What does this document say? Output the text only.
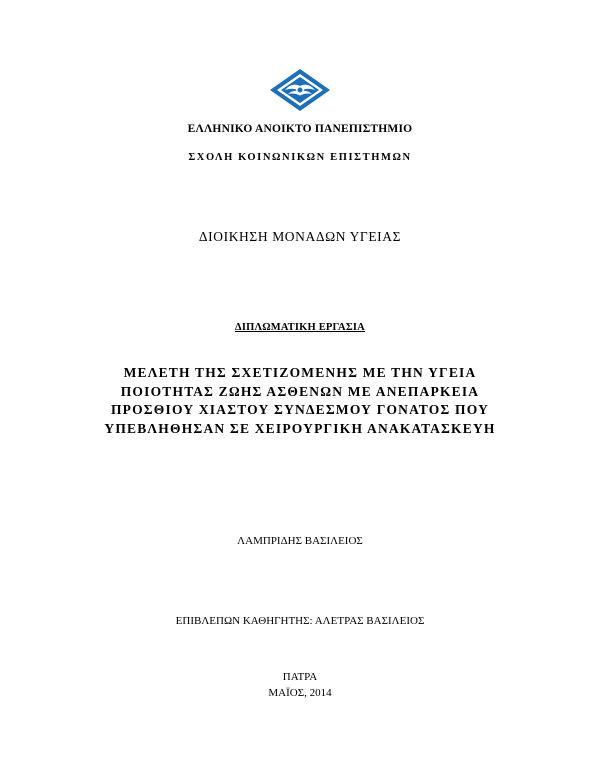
ΕΛΛΗΝΙΚΟ ΑΝΟΙΚΤΟ ΠΑΝΕΠΙΣΤΗΜΙΟ
ΣΧΟΛΗ ΚΟΙΝΩΝΙΚΩΝ ΕΠΙΣΤΗΜΩΝ
ΔΙΟΙΚΗΣΗ ΜΟΝΑΔΩΝ ΥΓΕΙΑΣ
ΔΙΠΛΩΜΑΤΙΚΗ ΕΡΓΑΣΙΑ
ΜΕΛΕΤΗ ΤΗΣ ΣΧΕΤΙΖΟΜΕΝΗΣ ΜΕ ΤΗΝ ΥΓΕΙΑ
ΠΟΙΟΤΗΤΑΣ ΖΩΗΣ ΑΣΘΕΝΩΝ ΜΕ ΑΝΕΠΑΡΚΕΙΑ
ΠΡΟΣΘΙΟΥ ΧΙΑΣΤΟΥ ΣΥΝΔΕΣΜΟΥ ΓΟΝΑΤΟΣ ΠΟΥ
ΥΠΕΒΛΗΘΗΣΑΝ ΣΕ ΧΕΙΡΟΥΡΓΙΚΗ ΑΝΑΚΑΤΑΣΚΕΥΗ
ΛΑΜΠΡΙΔΗΣ ΒΑΣΙΛΕΙΟΣ
ΕΠΙΒΛΕΠΩΝ ΚΑΘΗΓΗΤΗΣ: ΑΛΕΤΡΑΣ ΒΑΣΙΛΕΙΟΣ
ΠΑΤΡΑ
ΜΑΪΟΣ, 2014
